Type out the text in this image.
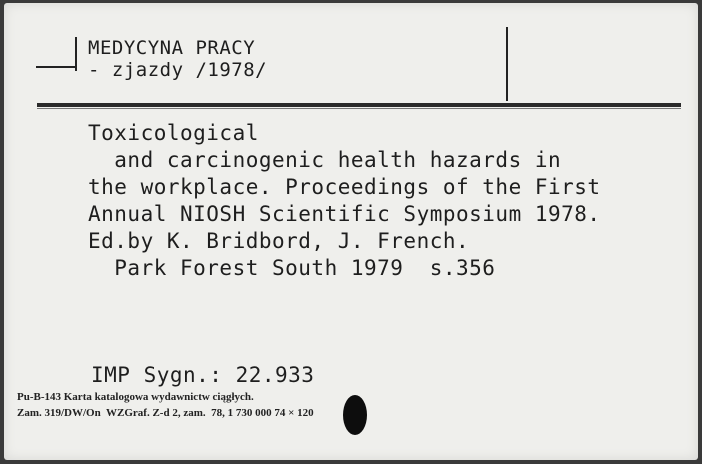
MEDYCYNA PRACY
- zjazdy /1978/
Toxicological
and carcinogenic health hazards in
the workplace. Proceedings of the First
Annual NIOSH Scientific Symposium 1978.
Ed.by K. Bridbord, J. French.
Park Forest South 1979  s.356
IMP Sygn.: 22.933
Pu-B-143 Karta katalogowa wydawnictw ciągłych.
Zam. 319/DW/On  WZGraf. Z-d 2, zam.  78, 1 730 000 74 × 120
